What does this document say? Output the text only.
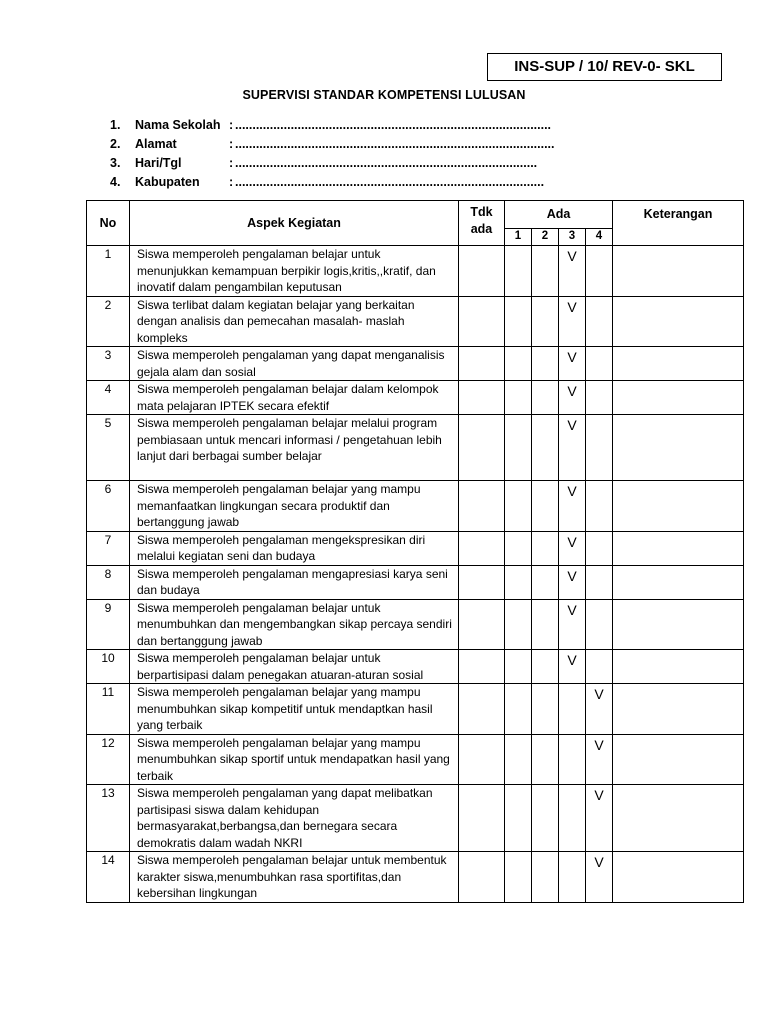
INS-SUP / 10/ REV-0- SKL
SUPERVISI STANDAR KOMPETENSI LULUSAN
1. Nama Sekolah :...........................................................................................
2. Alamat	: ............................................................................................
3. Hari/Tgl	:.......................................................................................
4. Kabupaten :.........................................................................................
No	Aspek Kegiatan	Tdk ada	Ada				Keterangan
			1	2	3	4	
1	Siswa memperoleh pengalaman belajar untuk menunjukkan kemampuan berpikir logis,kritis,,kratif, dan inovatif dalam pengambilan keputusan				V		
2	Siswa terlibat dalam kegiatan belajar yang berkaitan dengan analisis dan pemecahan masalah- maslah kompleks				V		
3	Siswa memperoleh pengalaman yang dapat menganalisis gejala alam dan sosial				V		
4	Siswa memperoleh pengalaman belajar dalam kelompok mata pelajaran IPTEK secara efektif				V		
5	Siswa memperoleh pengalaman belajar melalui program pembiasaan untuk mencari informasi / pengetahuan lebih lanjut dari berbagai sumber belajar				V		
6	Siswa memperoleh pengalaman belajar yang mampu memanfaatkan lingkungan secara produktif dan bertanggung jawab				V		
7	Siswa memperoleh pengalaman mengekspresikan diri melalui kegiatan seni dan budaya				V		
8	Siswa memperoleh pengalaman mengapresiasi karya seni dan budaya				V		
9	Siswa memperoleh pengalaman belajar untuk menumbuhkan dan mengembangkan sikap percaya sendiri dan bertanggung jawab				V		
10	Siswa memperoleh pengalaman belajar untuk berpartisipasi dalam penegakan atuaran-aturan sosial				V		
11	Siswa memperoleh pengalaman belajar yang mampu menumbuhkan sikap kompetitif untuk mendaptkan hasil yang terbaik					V	
12	Siswa memperoleh pengalaman belajar yang mampu menumbuhkan sikap sportif untuk mendapatkan hasil yang terbaik					V	
13	Siswa memperoleh pengalaman yang dapat melibatkan partisipasi siswa dalam kehidupan bermasyarakat,berbangsa,dan bernegara secara demokratis dalam wadah NKRI					V	
14	Siswa memperoleh pengalaman belajar untuk membentuk karakter siswa,menumbuhkan rasa sportifitas,dan kebersihan lingkungan					V	
